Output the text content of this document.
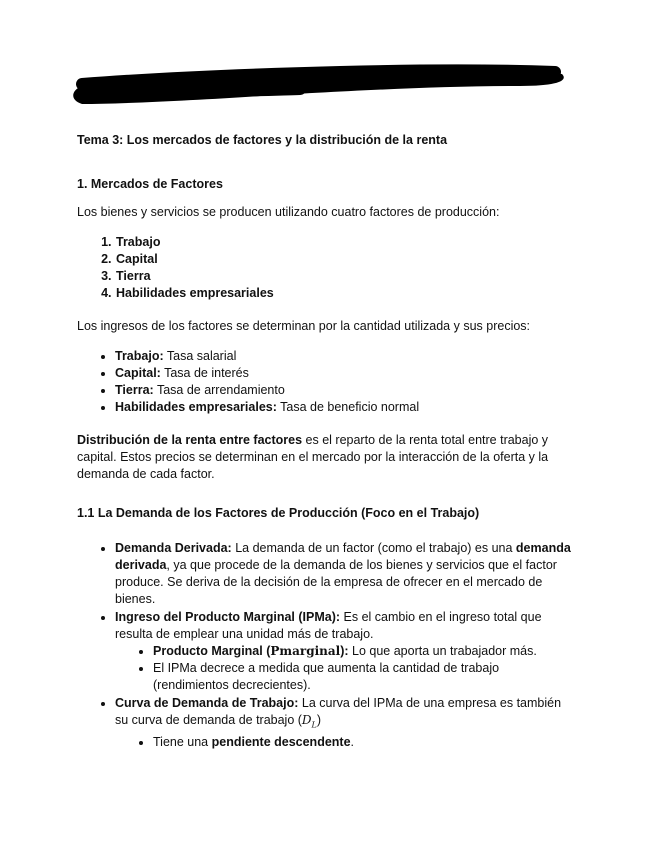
Tema 3: Los mercados de factores y la distribución de la renta

1. Mercados de Factores

Los bienes y servicios se producen utilizando cuatro factores de producción:

1. Trabajo
2. Capital
3. Tierra
4. Habilidades empresariales

Los ingresos de los factores se determinan por la cantidad utilizada y sus precios:

• Trabajo: Tasa salarial
• Capital: Tasa de interés
• Tierra: Tasa de arrendamiento
• Habilidades empresariales: Tasa de beneficio normal

Distribución de la renta entre factores es el reparto de la renta total entre trabajo y capital. Estos precios se determinan en el mercado por la interacción de la oferta y la demanda de cada factor.

1.1 La Demanda de los Factores de Producción (Foco en el Trabajo)

• Demanda Derivada: La demanda de un factor (como el trabajo) es una demanda derivada, ya que procede de la demanda de los bienes y servicios que el factor produce. Se deriva de la decisión de la empresa de ofrecer en el mercado de bienes.
• Ingreso del Producto Marginal (IPMa): Es el cambio en el ingreso total que resulta de emplear una unidad más de trabajo.
• Producto Marginal (Pmarginal): Lo que aporta un trabajador más.
• El IPMa decrece a medida que aumenta la cantidad de trabajo (rendimientos decrecientes).
• Curva de Demanda de Trabajo: La curva del IPMa de una empresa es también su curva de demanda de trabajo $(D_L)$
• Tiene una pendiente descendente.
